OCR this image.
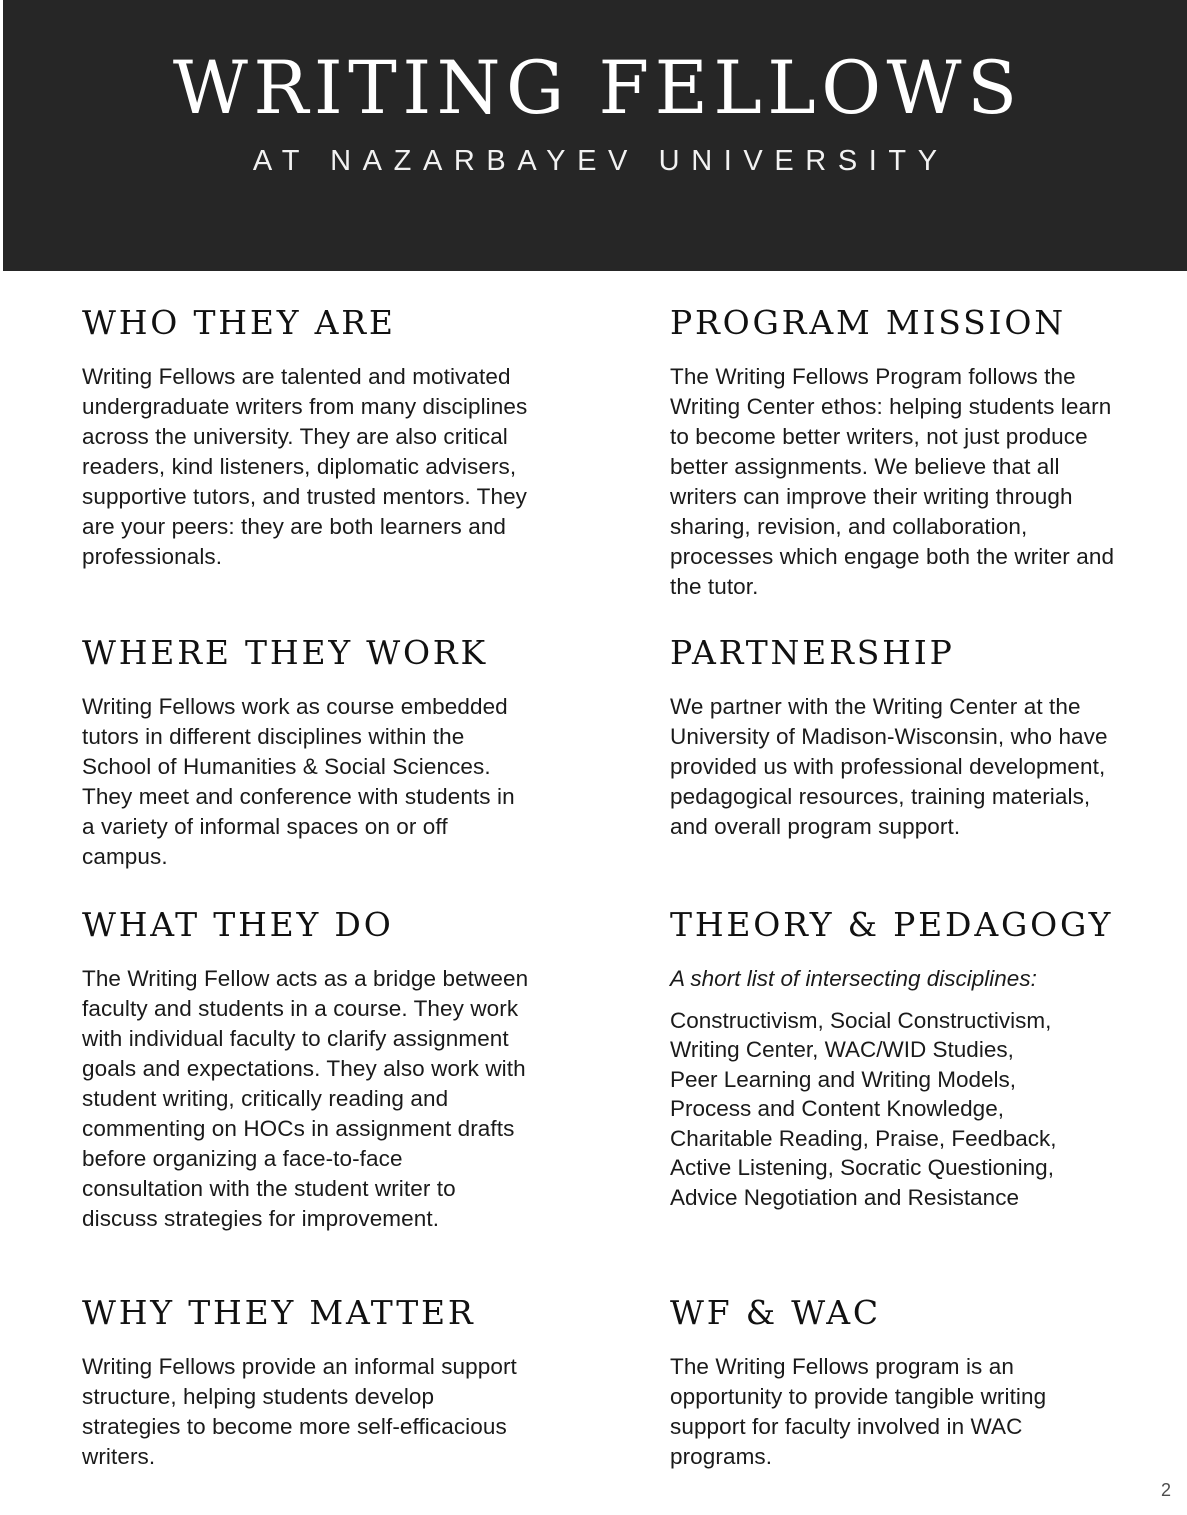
WRITING FELLOWS
AT NAZARBAYEV UNIVERSITY
WHO THEY ARE
Writing Fellows are talented and motivated undergraduate writers from many disciplines across the university. They are also critical readers, kind listeners, diplomatic advisers, supportive tutors, and trusted mentors. They are your peers: they are both learners and professionals.
WHERE THEY WORK
Writing Fellows work as course embedded tutors in different disciplines within the School of Humanities & Social Sciences. They meet and conference with students in a variety of informal spaces on or off campus.
WHAT THEY DO
The Writing Fellow acts as a bridge between faculty and students in a course. They work with individual faculty to clarify assignment goals and expectations. They also work with student writing, critically reading and commenting on HOCs in assignment drafts before organizing a face-to-face consultation with the student writer to discuss strategies for improvement.
WHY THEY MATTER
Writing Fellows provide an informal support structure, helping students develop strategies to become more self-efficacious writers.
PROGRAM MISSION
The Writing Fellows Program follows the Writing Center ethos: helping students learn to become better writers, not just produce better assignments. We believe that all writers can improve their writing through sharing, revision, and collaboration, processes which engage both the writer and the tutor.
PARTNERSHIP
We partner with the Writing Center at the University of Madison-Wisconsin, who have provided us with professional development, pedagogical resources, training materials, and overall program support.
THEORY & PEDAGOGY
A short list of intersecting disciplines:
Constructivism, Social Constructivism,
Writing Center, WAC/WID Studies,
Peer Learning and Writing Models,
Process and Content Knowledge,
Charitable Reading, Praise, Feedback,
Active Listening, Socratic Questioning,
Advice Negotiation and Resistance
WF & WAC
The Writing Fellows program is an opportunity to provide tangible writing support for faculty involved in WAC programs.
2
